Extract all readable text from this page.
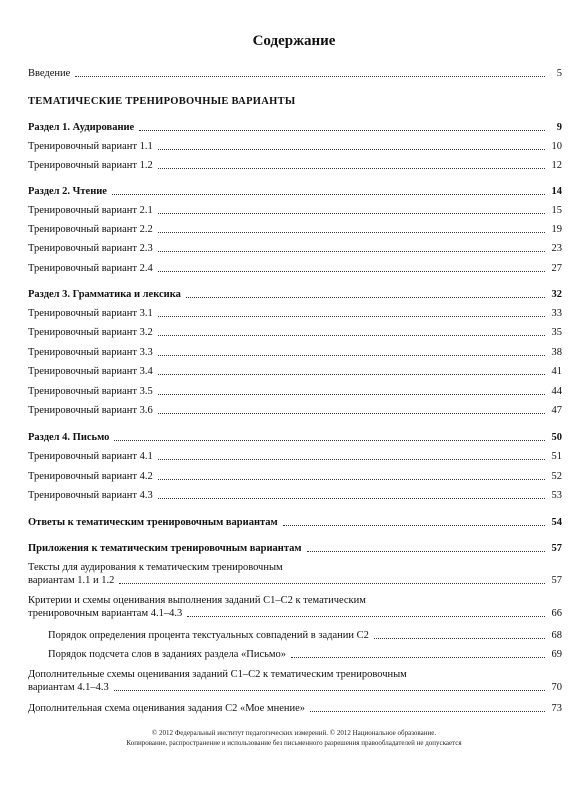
Содержание
Введение	5
ТЕМАТИЧЕСКИЕ ТРЕНИРОВОЧНЫЕ ВАРИАНТЫ
Раздел 1. Аудирование	9
Тренировочный вариант 1.1	10
Тренировочный вариант 1.2	12
Раздел 2. Чтение	14
Тренировочный вариант 2.1	15
Тренировочный вариант 2.2	19
Тренировочный вариант 2.3	23
Тренировочный вариант 2.4	27
Раздел 3. Грамматика и лексика	32
Тренировочный вариант 3.1	33
Тренировочный вариант 3.2	35
Тренировочный вариант 3.3	38
Тренировочный вариант 3.4	41
Тренировочный вариант 3.5	44
Тренировочный вариант 3.6	47
Раздел 4. Письмо	50
Тренировочный вариант 4.1	51
Тренировочный вариант 4.2	52
Тренировочный вариант 4.3	53
Ответы к тематическим тренировочным вариантам	54
Приложения к тематическим тренировочным вариантам	57
Тексты для аудирования к тематическим тренировочным
вариантам 1.1 и 1.2	57
Критерии и схемы оценивания выполнения заданий С1–С2 к тематическим
тренировочным вариантам 4.1–4.3	66
Порядок определения процента текстуальных совпадений в задании С2	68
Порядок подсчета слов в заданиях раздела «Письмо»	69
Дополнительные схемы оценивания заданий С1–С2 к тематическим тренировочным
вариантам 4.1–4.3	70
Дополнительная схема оценивания задания С2 «Мое мнение»	73
© 2012 Федеральный институт педагогических измерений. © 2012 Национальное образование.
Копирование, распространение и использование без письменного разрешения правообладателей не допускается
